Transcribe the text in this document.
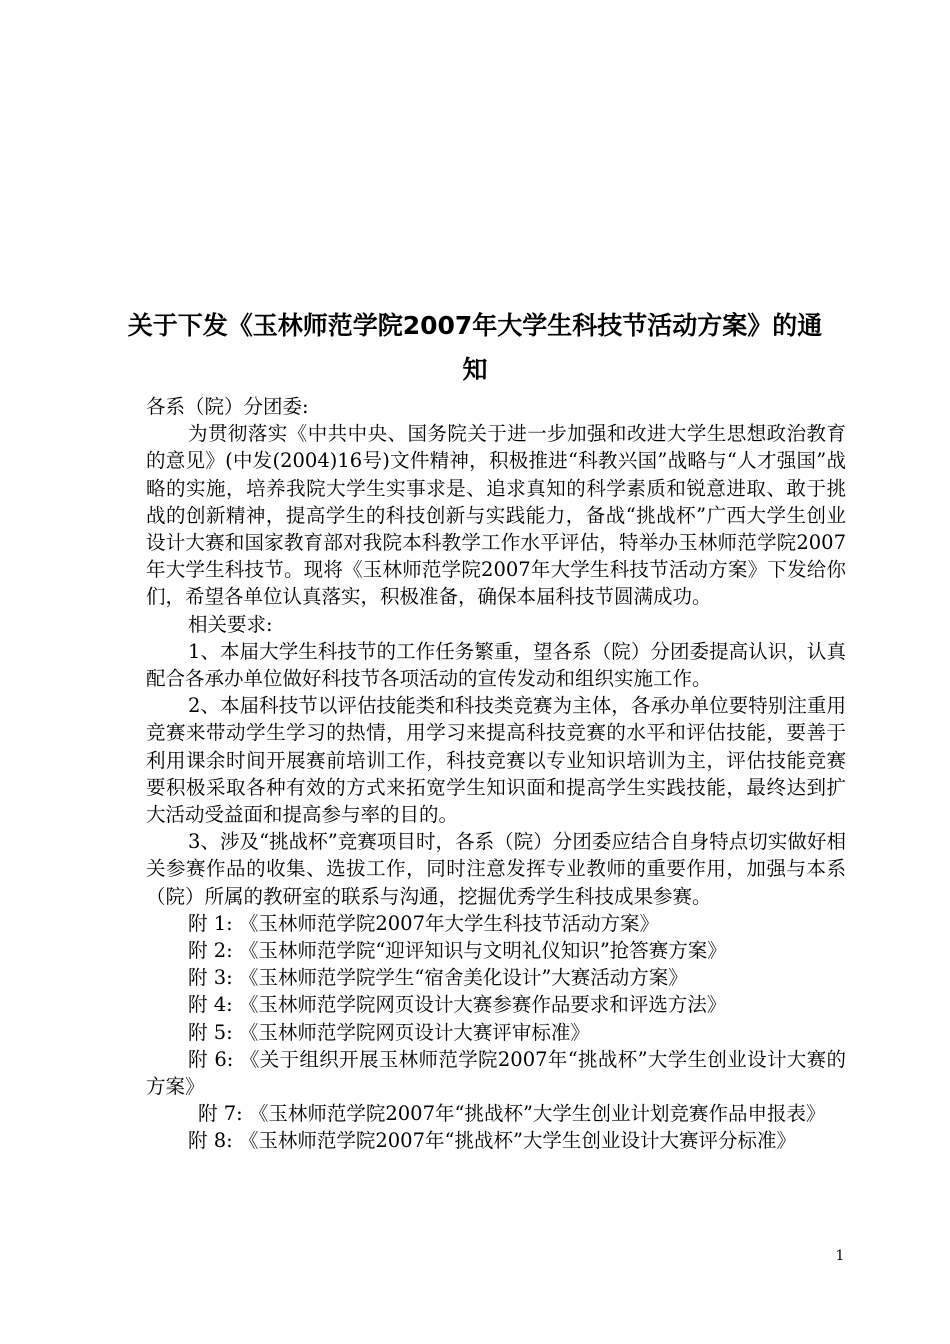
关于下发《玉林师范学院2007年大学生科技节活动方案》的通
知

各系（院）分团委:

为贯彻落实《中共中央、国务院关于进一步加强和改进大学生思想政治教育的意见》(中发(2004)16号)文件精神，积极推进“科教兴国”战略与“人才强国”战略的实施，培养我院大学生实事求是、追求真知的科学素质和锐意进取、敢于挑战的创新精神，提高学生的科技创新与实践能力，备战“挑战杯”广西大学生创业设计大赛和国家教育部对我院本科教学工作水平评估，特举办玉林师范学院2007年大学生科技节。现将《玉林师范学院2007年大学生科技节活动方案》下发给你们，希望各单位认真落实，积极准备，确保本届科技节圆满成功。

相关要求:

1、本届大学生科技节的工作任务繁重，望各系（院）分团委提高认识，认真配合各承办单位做好科技节各项活动的宣传发动和组织实施工作。

2、本届科技节以评估技能类和科技类竞赛为主体，各承办单位要特别注重用竞赛来带动学生学习的热情，用学习来提高科技竞赛的水平和评估技能，要善于利用课余时间开展赛前培训工作，科技竞赛以专业知识培训为主，评估技能竞赛要积极采取各种有效的方式来拓宽学生知识面和提高学生实践技能，最终达到扩大活动受益面和提高参与率的目的。

3、涉及“挑战杯”竞赛项目时，各系（院）分团委应结合自身特点切实做好相关参赛作品的收集、选拔工作，同时注意发挥专业教师的重要作用，加强与本系（院）所属的教研室的联系与沟通，挖掘优秀学生科技成果参赛。

附 1: 《玉林师范学院2007年大学生科技节活动方案》

附 2: 《玉林师范学院“迎评知识与文明礼仪知识”抢答赛方案》

附 3: 《玉林师范学院学生“宿舍美化设计”大赛活动方案》

附 4: 《玉林师范学院网页设计大赛参赛作品要求和评选方法》

附 5: 《玉林师范学院网页设计大赛评审标准》

附 6: 《关于组织开展玉林师范学院2007年“挑战杯”大学生创业设计大赛的方案》

附 7: 《玉林师范学院2007年“挑战杯”大学生创业计划竞赛作品申报表》

附 8: 《玉林师范学院2007年“挑战杯”大学生创业设计大赛评分标准》

1
